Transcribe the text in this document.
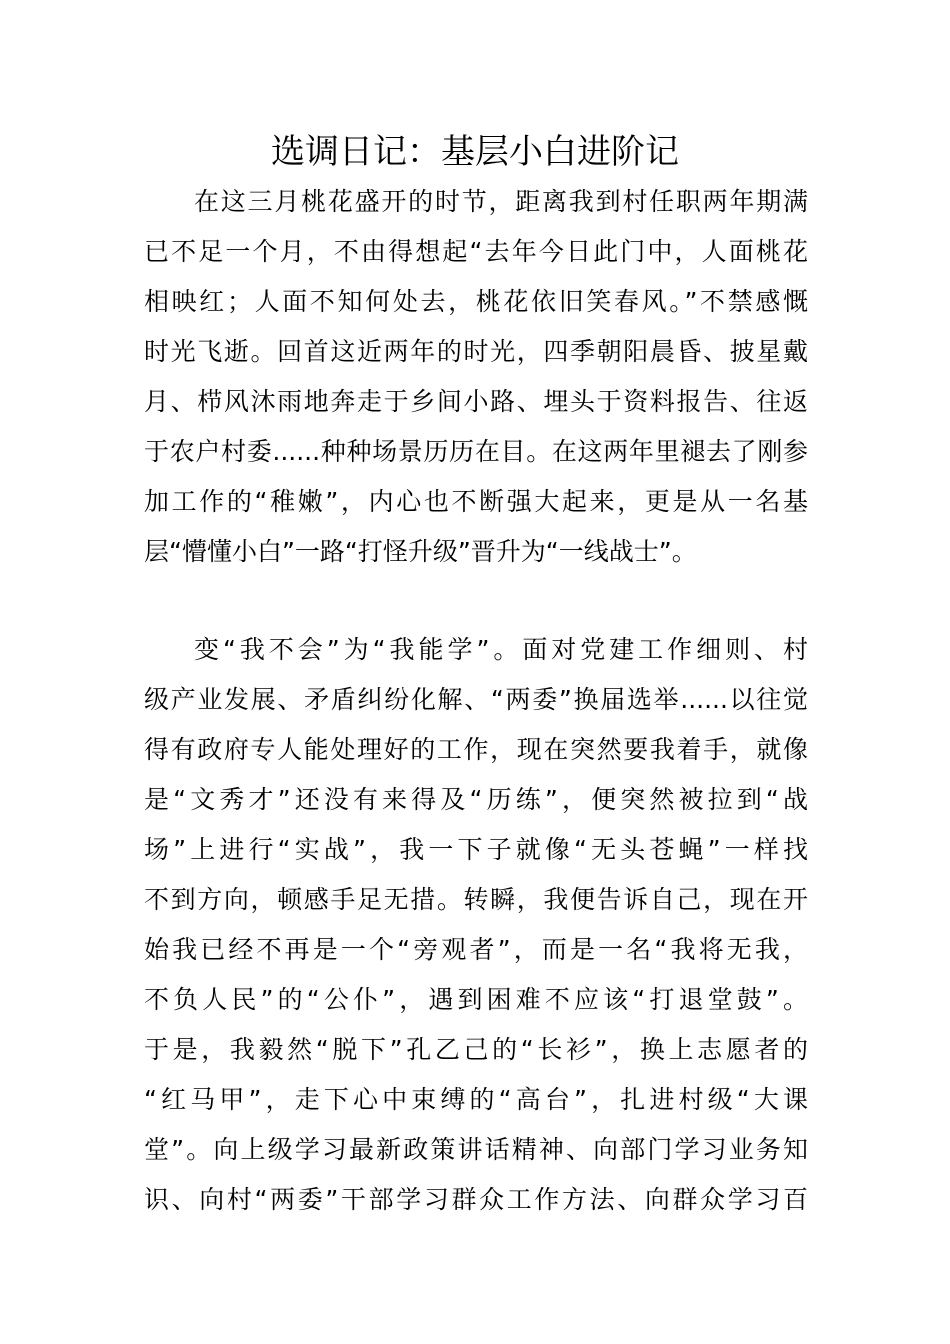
选调日记：基层小白进阶记
在这三月桃花盛开的时节，距离我到村任职两年期满
已不足一个月，不由得想起“去年今日此门中，人面桃花
相映红；人面不知何处去，桃花依旧笑春风。”不禁感慨
时光飞逝。回首这近两年的时光，四季朝阳晨昏、披星戴
月、栉风沐雨地奔走于乡间小路、埋头于资料报告、往返
于农户村委......种种场景历历在目。在这两年里褪去了刚参
加工作的“稚嫩”，内心也不断强大起来，更是从一名基
层“懵懂小白”一路“打怪升级”晋升为“一线战士”。
变“我不会”为“我能学”。面对党建工作细则、村
级产业发展、矛盾纠纷化解、“两委”换届选举......以往觉
得有政府专人能处理好的工作，现在突然要我着手，就像
是“文秀才”还没有来得及“历练”，便突然被拉到“战
场”上进行“实战”，我一下子就像“无头苍蝇”一样找
不到方向，顿感手足无措。转瞬，我便告诉自己，现在开
始我已经不再是一个“旁观者”，而是一名“我将无我，
不负人民”的“公仆”，遇到困难不应该“打退堂鼓”。
于是，我毅然“脱下”孔乙己的“长衫”，换上志愿者的
“红马甲”，走下心中束缚的“高台”，扎进村级“大课
堂”。向上级学习最新政策讲话精神、向部门学习业务知
识、向村“两委”干部学习群众工作方法、向群众学习百
